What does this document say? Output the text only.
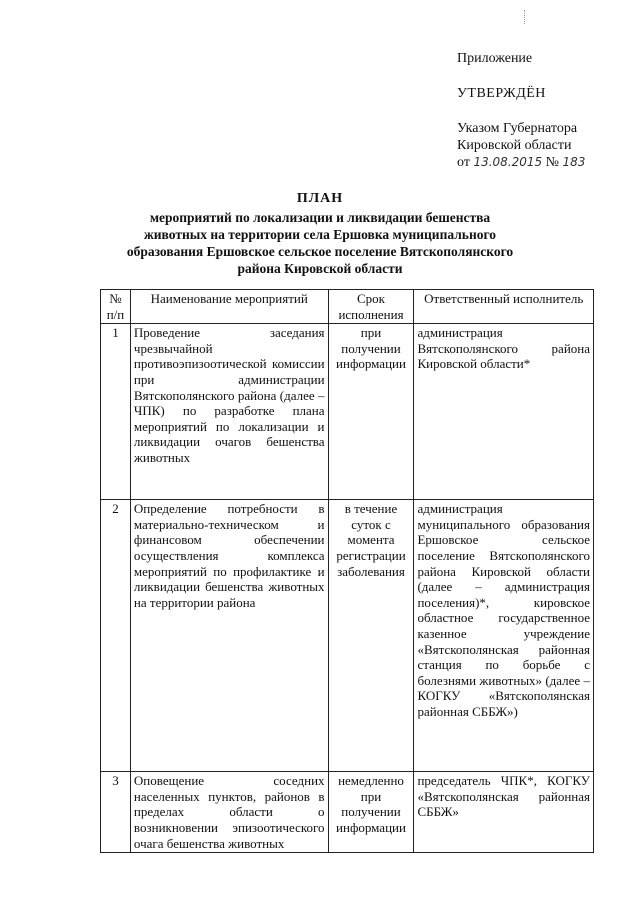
Приложение

УТВЕРЖДЁН

Указом Губернатора

Кировской области

от 13.08.2015 № 183

ПЛАН

мероприятий по локализации и ликвидации бешенства животных на территории села Ершовка муниципального образования Ершовское сельское поселение Вятскополянского района Кировской области

№ п/п	Наименование мероприятий	Срок исполнения	Ответственный исполнитель
1	Проведение заседания чрезвычайной противоэпизоотической комиссии при администрации Вятскополянского района (далее – ЧПК) по разработке плана мероприятий по локализации и ликвидации очагов бешенства животных	при получении информации	администрация Вятскополянского района Кировской области*
2	Определение потребности в материально-техническом и финансовом обеспечении осуществления комплекса мероприятий по профилактике и ликвидации бешенства животных на территории района	в течение суток с момента регистрации заболевания	администрация муниципального образования Ершовское сельское поселение Вятскополянского района Кировской области (далее – администрация поселения)*, кировское областное государственное казенное учреждение «Вятскополянская районная станция по борьбе с болезнями животных» (далее – КОГКУ «Вятскополянская районная СББЖ»)
3	Оповещение соседних населенных пунктов, районов в пределах области о возникновении эпизоотического очага бешенства животных	немедленно при получении информации	председатель ЧПК*, КОГКУ «Вятскополянская районная СББЖ»
